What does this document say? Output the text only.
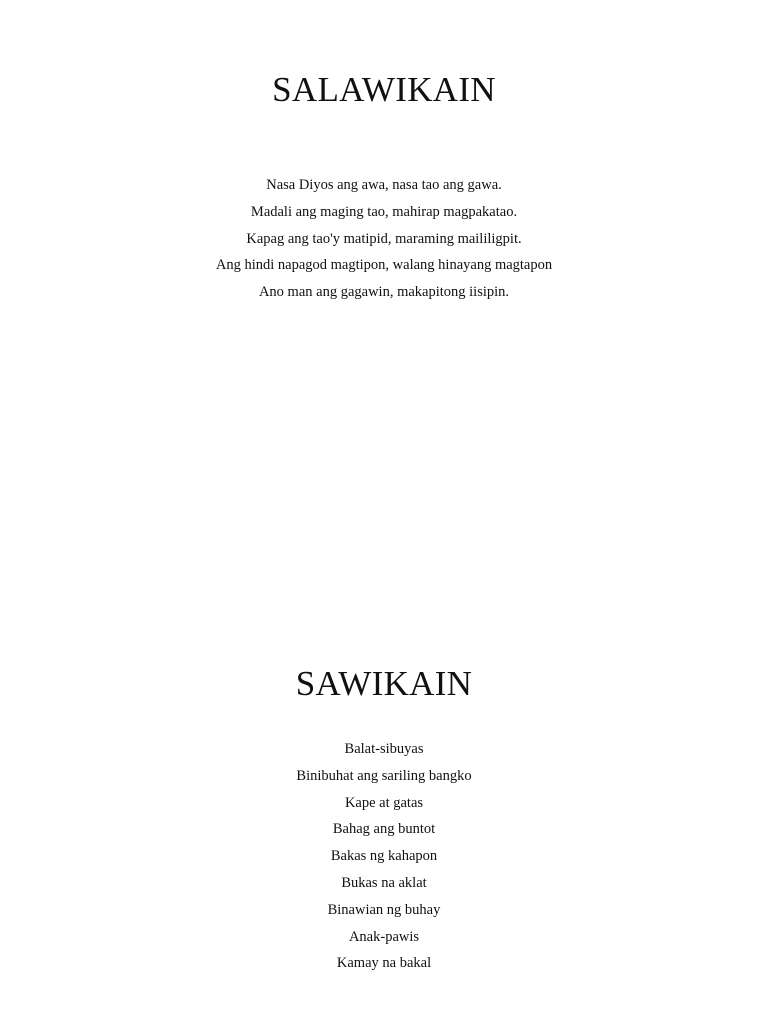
SALAWIKAIN
Nasa Diyos ang awa, nasa tao ang gawa.
Madali ang maging tao, mahirap magpakatao.
Kapag ang tao'y matipid, maraming maililigpit.
Ang hindi napagod magtipon, walang hinayang magtapon
Ano man ang gagawin, makapitong iisipin.
SAWIKAIN
Balat-sibuyas
Binibuhat ang sariling bangko
Kape at gatas
Bahag ang buntot
Bakas ng kahapon
Bukas na aklat
Binawian ng buhay
Anak-pawis
Kamay na bakal
